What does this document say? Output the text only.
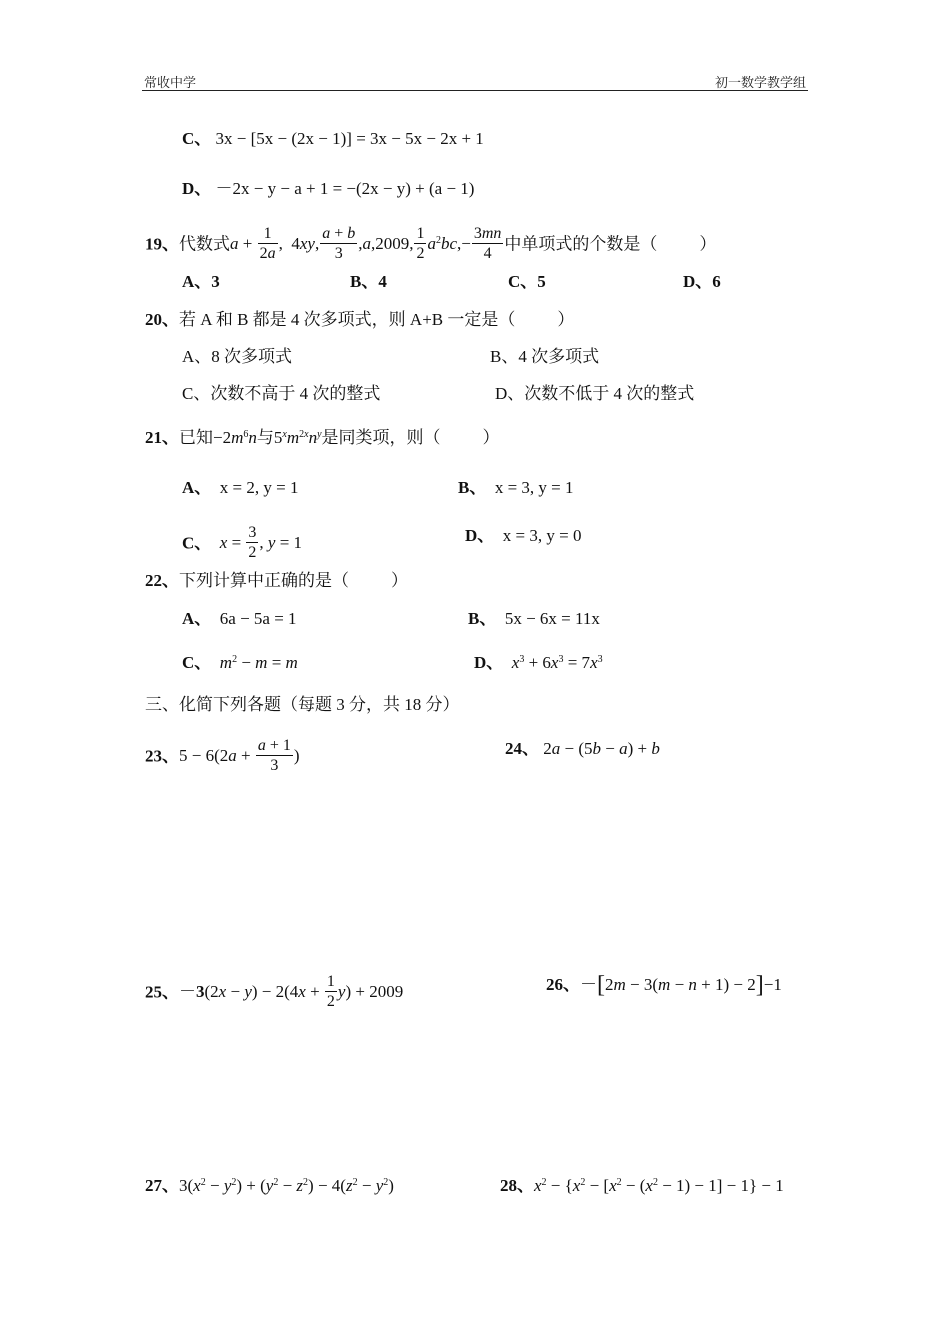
常收中学	初一数学教学组
C、 3x − [5x − (2x − 1)] = 3x − 5x − 2x + 1
D、 －2x − y − a + 1 = −(2x − y) + (a − 1)
19、代数式$a + \frac{1}{2a}$ ,  4xy, $\frac{a + b}{3} ,a,2009$, $\frac{1}{2} a^2bc,- \frac{3mn}{4}$ 中单项式的个数是（ ）
A、3	B、4	C、5	D、6
20、若 A 和 B 都是 4 次多项式，则 A+B 一定是（ ）
A、8 次多项式	B、4 次多项式
C、次数不高于 4 次的整式	D、次数不低于 4 次的整式
21、已知$-2m^6n$与$5^xm^{2x}n^y$是同类项，则（ ）
A、 x = 2, y = 1	B、 x = 3, y = 1
C、 $x = \frac{3}{2}$ , y = 1	D、 x = 3, y = 0
22、下列计算中正确的是（ ）
A、 6a − 5a = 1	B、 5x − 6x = 11x
C、 $m^2 - m = m$	D、 $x^3 + 6x^3 = 7x^3$
三、化简下列各题（每题 3 分，共 18 分）
23、$5 - 6(2a + \frac{a + 1}{3}$ )	24、 2a − (5b − a) + b
25、$-3(2x - y) - 2(4x + \frac{1}{2} y) + 2009$	26、－[2m − 3(m − n + 1) − 2]−1
27、$3(x^2 - y^2) + (y^2 - z^2) - 4(z^2 - y^2)$	28、$x^2 - \{x^2 - [x^2 - (x^2 - 1) - 1] - 1\} - 1$
